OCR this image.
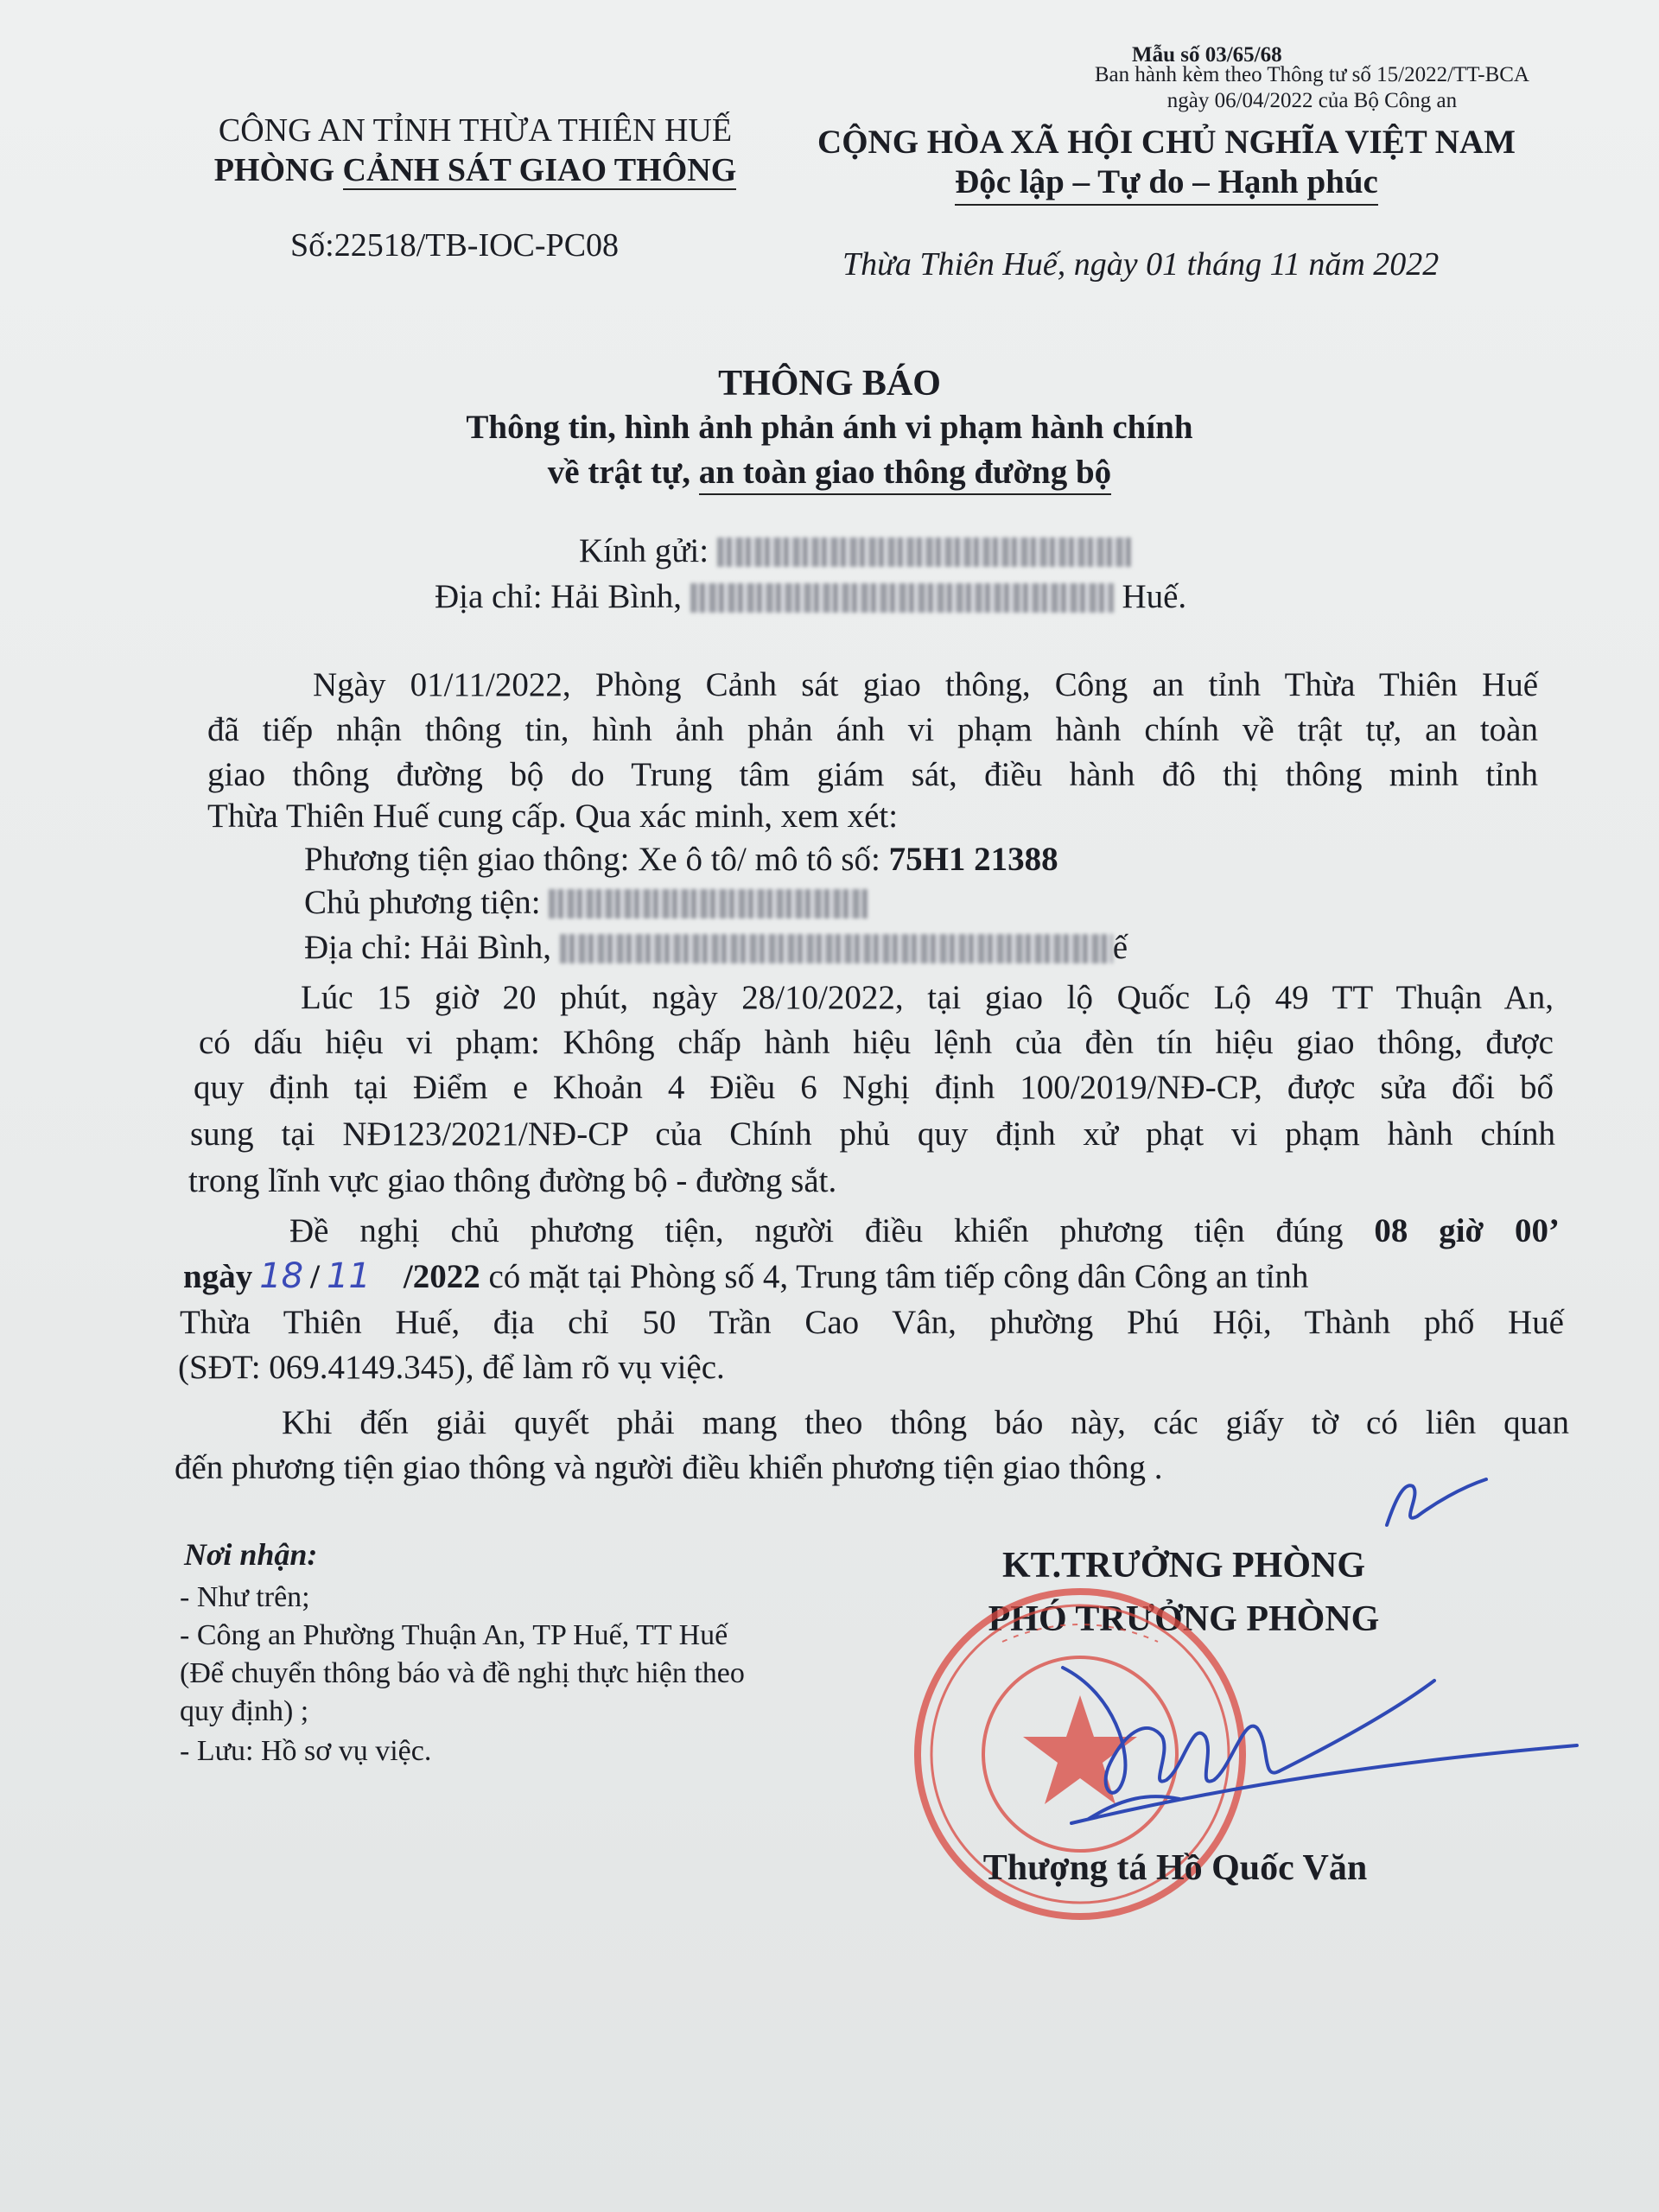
Mẫu số 03/65/68
Ban hành kèm theo Thông tư số 15/2022/TT-BCA
ngày 06/04/2022 của Bộ Công an
CÔNG AN TỈNH THỪA THIÊN HUẾ
PHÒNG CẢNH SÁT GIAO THÔNG
CỘNG HÒA XÃ HỘI CHỦ NGHĨA VIỆT NAM
Độc lập – Tự do – Hạnh phúc
Số:22518/TB-IOC-PC08
Thừa Thiên Huế, ngày 01 tháng 11 năm 2022
THÔNG BÁO
Thông tin, hình ảnh phản ánh vi phạm hành chính
về trật tự, an toàn giao thông đường bộ
Kính gửi:
Địa chỉ: Hải Bình,	Huế.
Ngày 01/11/2022, Phòng Cảnh sát giao thông, Công an tỉnh Thừa Thiên Huế
đã tiếp nhận thông tin, hình ảnh phản ánh vi phạm hành chính về trật tự, an toàn
giao thông đường bộ do Trung tâm giám sát, điều hành đô thị thông minh tỉnh
Thừa Thiên Huế cung cấp. Qua xác minh, xem xét:
Phương tiện giao thông: Xe ô tô/ mô tô số: 75H1 21388
Chủ phương tiện:
Địa chỉ: Hải Bình,	ế
Lúc 15 giờ 20 phút, ngày 28/10/2022, tại giao lộ Quốc Lộ 49 TT Thuận An,
có dấu hiệu vi phạm: Không chấp hành hiệu lệnh của đèn tín hiệu giao thông, được
quy định tại Điểm e Khoản 4 Điều 6 Nghị định 100/2019/NĐ-CP, được sửa đổi bổ
sung tại NĐ123/2021/NĐ-CP của Chính phủ quy định xử phạt vi phạm hành chính
trong lĩnh vực giao thông đường bộ - đường sắt.
Đề nghị chủ phương tiện, người điều khiển phương tiện đúng 08 giờ 00’
ngày 18 / 11 /2022 có mặt tại Phòng số 4, Trung tâm tiếp công dân Công an tỉnh
Thừa Thiên Huế, địa chỉ 50 Trần Cao Vân, phường Phú Hội, Thành phố Huế
(SĐT: 069.4149.345), để làm rõ vụ việc.
Khi đến giải quyết phải mang theo thông báo này, các giấy tờ có liên quan
đến phương tiện giao thông và người điều khiển phương tiện giao thông .
Nơi nhận:
- Như trên;
- Công an Phường Thuận An, TP Huế, TT Huế
(Để chuyển thông báo và đề nghị thực hiện theo
quy định) ;
- Lưu: Hồ sơ vụ việc.
KT.TRƯỞNG PHÒNG
PHÓ TRƯỞNG PHÒNG
Thượng tá Hồ Quốc Văn
